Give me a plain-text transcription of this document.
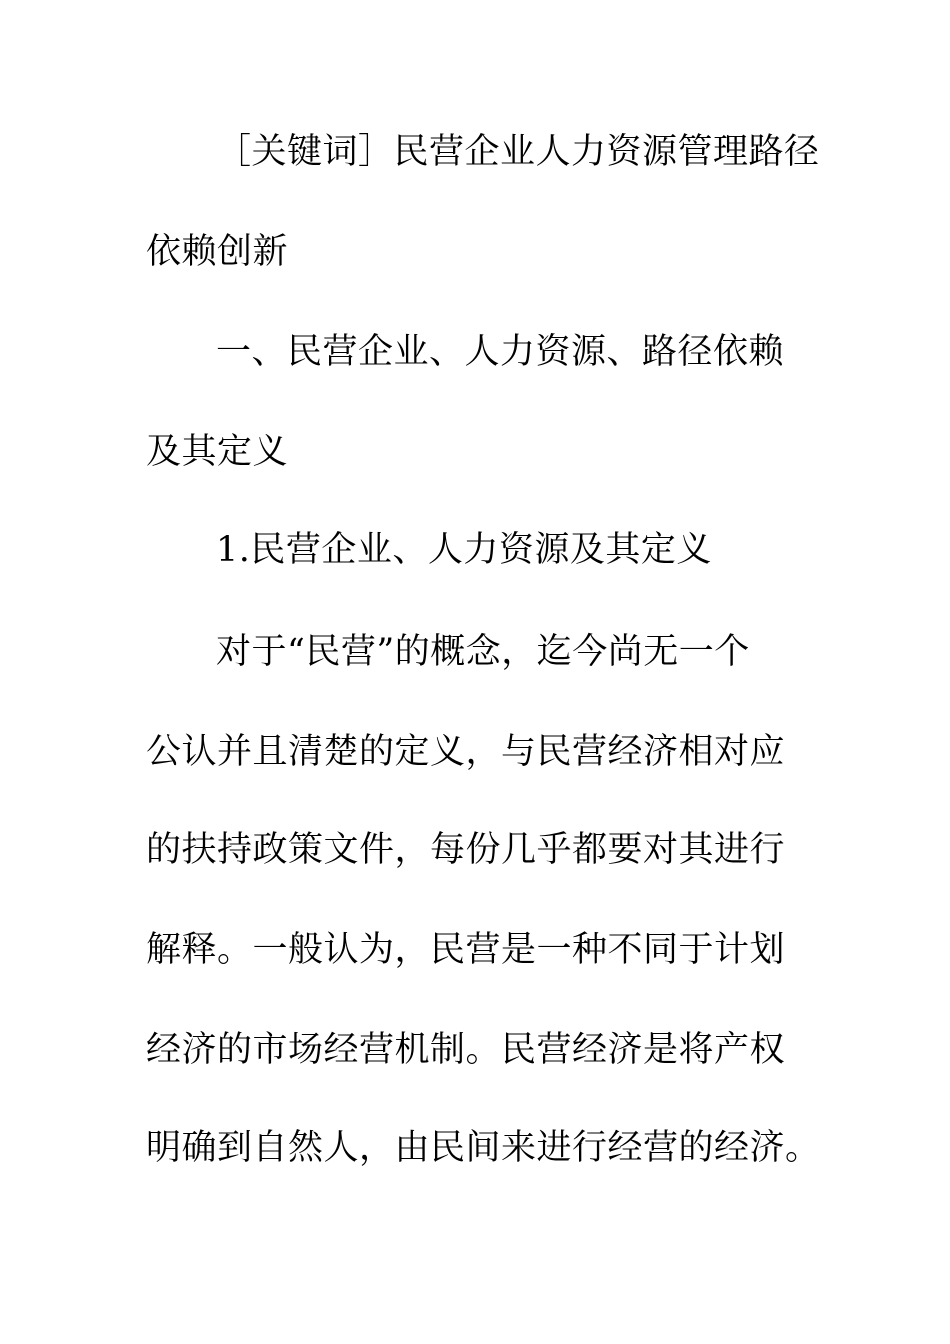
［关键词］民营企业人力资源管理路径
依赖创新
一、民营企业、人力资源、路径依赖
及其定义
1.民营企业、人力资源及其定义
对于“民营”的概念，迄今尚无一个
公认并且清楚的定义，与民营经济相对应
的扶持政策文件，每份几乎都要对其进行
解释。一般认为，民营是一种不同于计划
经济的市场经营机制。民营经济是将产权
明确到自然人，由民间来进行经营的经济。
